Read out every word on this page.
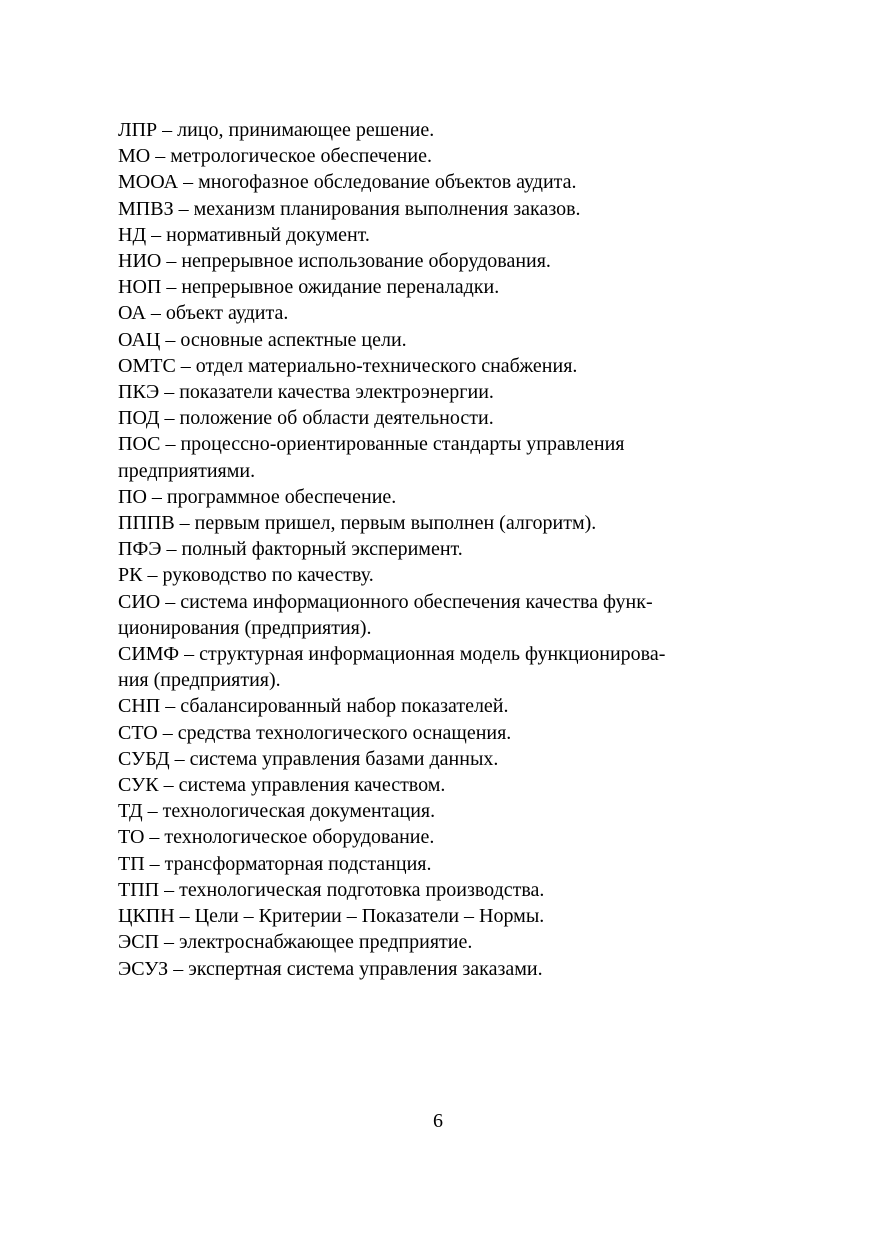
ЛПР – лицо, принимающее решение.
МО – метрологическое обеспечение.
МООА – многофазное обследование объектов аудита.
МПВЗ – механизм планирования выполнения заказов.
НД – нормативный документ.
НИО – непрерывное использование оборудования.
НОП – непрерывное ожидание переналадки.
ОА – объект аудита.
ОАЦ – основные аспектные цели.
ОМТС – отдел материально-технического снабжения.
ПКЭ – показатели качества электроэнергии.
ПОД – положение об области деятельности.
ПОС – процессно-ориентированные стандарты управления
предприятиями.
ПО – программное обеспечение.
ПППВ – первым пришел, первым выполнен (алгоритм).
ПФЭ – полный факторный эксперимент.
РК – руководство по качеству.
СИО – система информационного обеспечения качества функ-
ционирования (предприятия).
СИМФ – структурная информационная модель функционирова-
ния (предприятия).
СНП – сбалансированный набор показателей.
СТО – средства технологического оснащения.
СУБД – система управления базами данных.
СУК – система управления качеством.
ТД – технологическая документация.
ТО – технологическое оборудование.
ТП – трансформаторная подстанция.
ТПП – технологическая подготовка производства.
ЦКПН – Цели – Критерии – Показатели – Нормы.
ЭСП – электроснабжающее предприятие.
ЭСУЗ – экспертная система управления заказами.
6
